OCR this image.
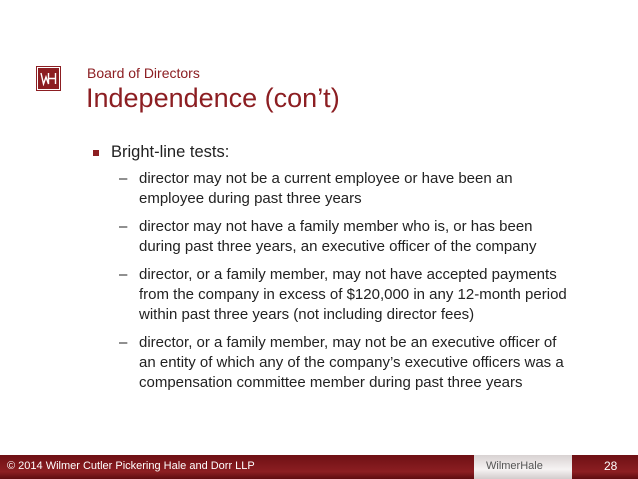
Board of Directors
Independence (con’t)
Bright-line tests:
– director may not be a current employee or have been an
employee during past three years
– director may not have a family member who is, or has been
during past three years, an executive officer of the company
– director, or a family member, may not have accepted payments
from the company in excess of $120,000 in any 12-month period
within past three years (not including director fees)
– director, or a family member, may not be an executive officer of
an entity of which any of the company’s executive officers was a
compensation committee member during past three years
© 2014 Wilmer Cutler Pickering Hale and Dorr LLP	WilmerHale	28
